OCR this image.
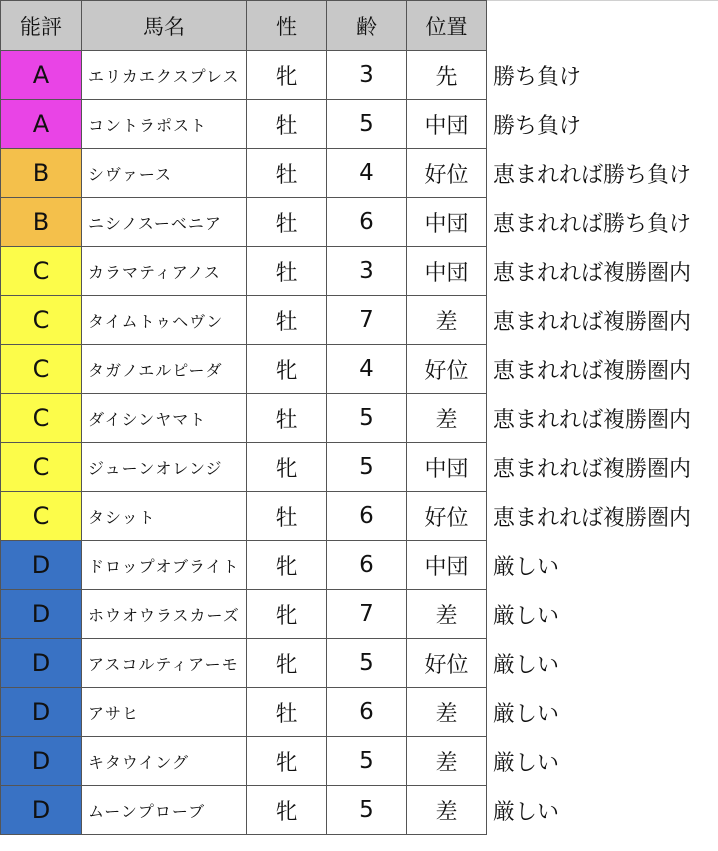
能評	馬名	性	齢	位置	
A	エリカエクスプレス	牝	3	先	勝ち負け
A	コントラポスト	牡	5	中団	勝ち負け
B	シヴァース	牡	4	好位	恵まれれば勝ち負け
B	ニシノスーベニア	牡	6	中団	恵まれれば勝ち負け
C	カラマティアノス	牡	3	中団	恵まれれば複勝圏内
C	タイムトゥヘヴン	牡	7	差	恵まれれば複勝圏内
C	タガノエルピーダ	牝	4	好位	恵まれれば複勝圏内
C	ダイシンヤマト	牡	5	差	恵まれれば複勝圏内
C	ジューンオレンジ	牝	5	中団	恵まれれば複勝圏内
C	タシット	牡	6	好位	恵まれれば複勝圏内
D	ドロップオブライト	牝	6	中団	厳しい
D	ホウオウラスカーズ	牝	7	差	厳しい
D	アスコルティアーモ	牝	5	好位	厳しい
D	アサヒ	牡	6	差	厳しい
D	キタウイング	牝	5	差	厳しい
D	ムーンプローブ	牝	5	差	厳しい
